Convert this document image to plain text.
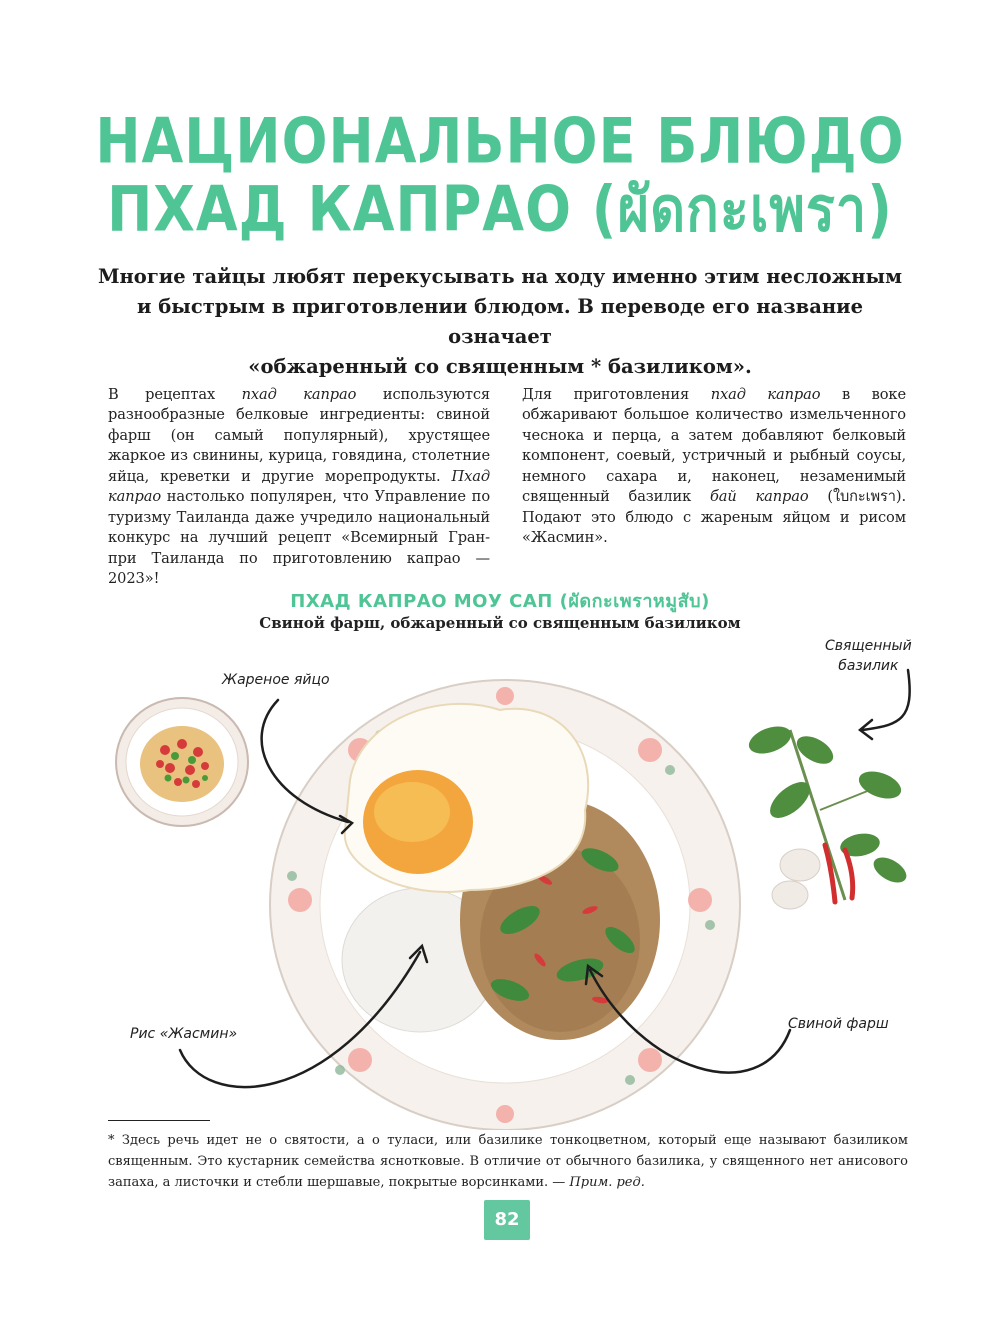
НАЦИОНАЛЬНОЕ БЛЮДО
ПХАД КАПРАО (ผัดกะเพรา)
Многие тайцы любят перекусывать на ходу именно этим несложным
и быстрым в приготовлении блюдом. В переводе его название означает
«обжаренный со священным * базиликом».

В рецептах пхад капрао используются разнообразные белковые ингредиенты: свиной фарш (он самый популярный), хрустящее жаркое из свинины, курица, говядина, столетние яйца, креветки и другие морепродукты. Пхад капрао настолько популярен, что Управление по туризму Таиланда даже учредило национальный конкурс на лучший рецепт «Всемирный Гран-при Таиланда по приготовлению капрао — 2023»!

Для приготовления пхад капрао в воке обжаривают большое количество измельченного чеснока и перца, а затем добавляют белковый компонент, соевый, устричный и рыбный соусы, немного сахара и, наконец, незаменимый священный базилик бай капрао (ใบกะเพรา). Подают это блюдо с жареным яйцом и рисом «Жасмин».

ПХАД КАПРАО МОУ САП (ผัดกะเพราหมูสับ)
Свиной фарш, обжаренный со священным базиликом
Жареное яйцо
Священный
базилик
Рис «Жасмин»
Свиной фарш
* Здесь речь идет не о святости, а о тулаcи, или базилике тонкоцветном, который еще называют базиликом священным. Это кустарник семейства яснотковые. В отличие от обычного базилика, у священного нет анисового запаха, а листочки и стебли шершавые, покрытые ворсинками. — Прим. ред.
82
